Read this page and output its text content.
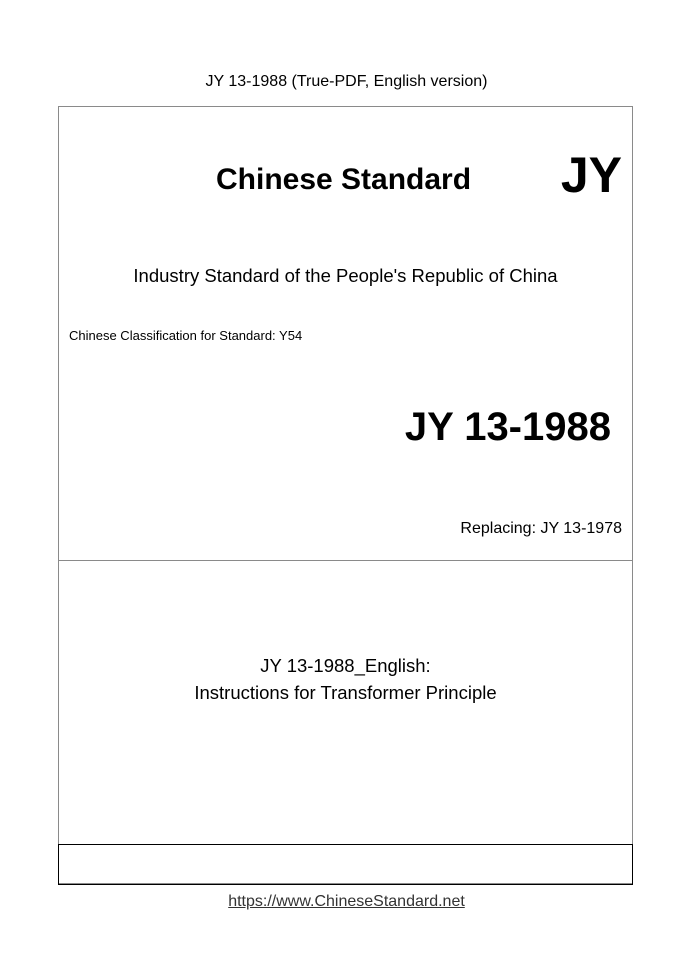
JY 13-1988 (True-PDF, English version)
Chinese Standard JY
Industry Standard of the People's Republic of China
Chinese Classification for Standard: Y54
JY 13-1988
Replacing: JY 13-1978
JY 13-1988_English:
Instructions for Transformer Principle
https://www.ChineseStandard.net
